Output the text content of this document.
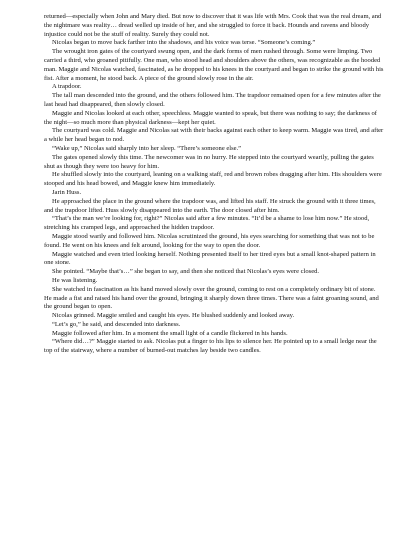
returned—especially when John and Mary died. But now to discover that it was life with Mrs. Cook that was the real dream, and the nightmare was reality… dread welled up inside of her, and she struggled to force it back. Hounds and ravens and bloody injustice could not be the stuff of reality. Surely they could not.

Nicolas began to move back farther into the shadows, and his voice was terse. “Someone’s coming.”

The wrought iron gates of the courtyard swung open, and the dark forms of men rushed through. Some were limping. Two carried a third, who groaned pitifully. One man, who stood head and shoulders above the others, was recognizable as the hooded man. Maggie and Nicolas watched, fascinated, as he dropped to his knees in the courtyard and began to strike the ground with his fist. After a moment, he stood back. A piece of the ground slowly rose in the air.

A trapdoor.

The tall man descended into the ground, and the others followed him. The trapdoor remained open for a few minutes after the last head had disappeared, then slowly closed.

Maggie and Nicolas looked at each other, speechless. Maggie wanted to speak, but there was nothing to say; the darkness of the night—so much more than physical darkness—kept her quiet.

The courtyard was cold. Maggie and Nicolas sat with their backs against each other to keep warm. Maggie was tired, and after a while her head began to nod.

“Wake up,” Nicolas said sharply into her sleep. “There’s someone else.”

The gates opened slowly this time. The newcomer was in no hurry. He stepped into the courtyard wearily, pulling the gates shut as though they were too heavy for him.

He shuffled slowly into the courtyard, leaning on a walking staff, red and brown robes dragging after him. His shoulders were stooped and his head bowed, and Maggie knew him immediately.

Jarin Huss.

He approached the place in the ground where the trapdoor was, and lifted his staff. He struck the ground with it three times, and the trapdoor lifted. Huss slowly disappeared into the earth. The door closed after him.

“That’s the man we’re looking for, right?” Nicolas said after a few minutes. “It’d be a shame to lose him now.” He stood, stretching his cramped legs, and approached the hidden trapdoor.

Maggie stood warily and followed him. Nicolas scrutinized the ground, his eyes searching for something that was not to be found. He went on his knees and felt around, looking for the way to open the door.

Maggie watched and even tried looking herself. Nothing presented itself to her tired eyes but a small knot-shaped pattern in one stone.

She pointed. “Maybe that’s…” she began to say, and then she noticed that Nicolas’s eyes were closed.

He was listening.

She watched in fascination as his hand moved slowly over the ground, coming to rest on a completely ordinary bit of stone. He made a fist and raised his hand over the ground, bringing it sharply down three times. There was a faint groaning sound, and the ground began to open.

Nicolas grinned. Maggie smiled and caught his eyes. He blushed suddenly and looked away.

“Let’s go,” he said, and descended into darkness.

Maggie followed after him. In a moment the small light of a candle flickered in his hands.

“Where did…?” Maggie started to ask. Nicolas put a finger to his lips to silence her. He pointed up to a small ledge near the top of the stairway, where a number of burned-out matches lay beside two candles.
